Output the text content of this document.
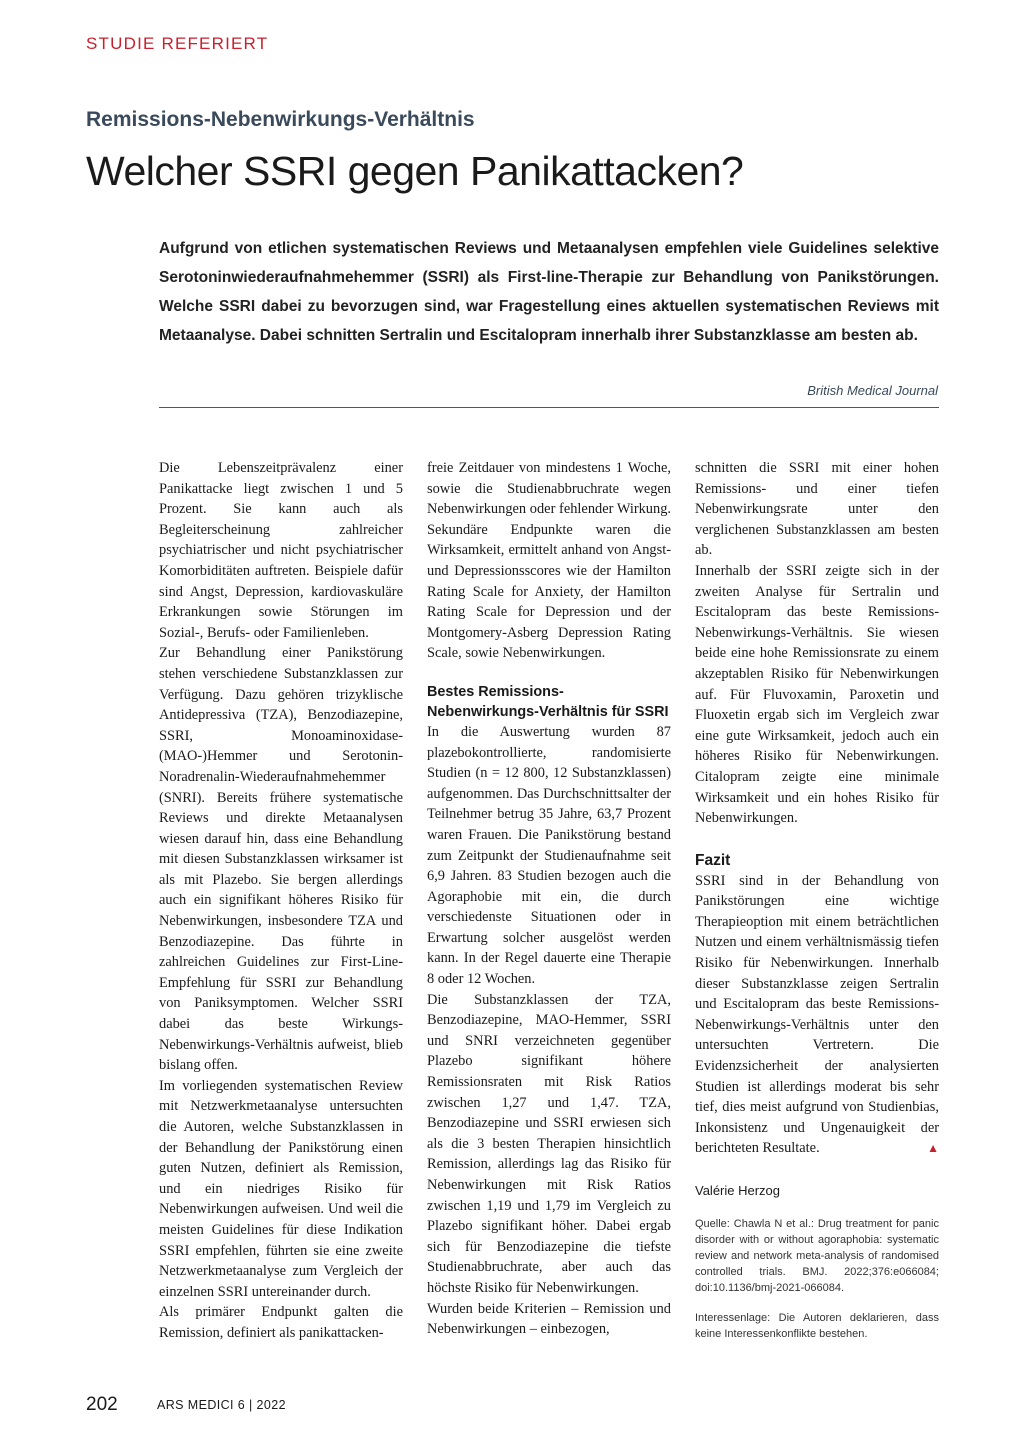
STUDIE REFERIERT
Remissions-Nebenwirkungs-Verhältnis
Welcher SSRI gegen Panikattacken?
Aufgrund von etlichen systematischen Reviews und Metaanalysen empfehlen viele Guidelines selektive Serotoninwiederaufnahmehemmer (SSRI) als First-line-Therapie zur Behandlung von Panikstörungen. Welche SSRI dabei zu bevorzugen sind, war Fragestellung eines aktuellen systematischen Reviews mit Metaanalyse. Dabei schnitten Sertralin und Escitalopram innerhalb ihrer Substanzklasse am besten ab.
British Medical Journal

Die Lebenszeitprävalenz einer Panikattacke liegt zwischen 1 und 5 Prozent. Sie kann auch als Begleiterscheinung zahlreicher psychiatrischer und nicht psychiatrischer Komorbiditäten auftreten. Beispiele dafür sind Angst, Depression, kardiovaskuläre Erkrankungen sowie Störungen im Sozial-, Berufs- oder Familienleben.

Zur Behandlung einer Panikstörung stehen verschiedene Substanzklassen zur Verfügung. Dazu gehören trizyklische Antidepressiva (TZA), Benzodiazepine, SSRI, Monoaminoxidase-(MAO-)Hemmer und Serotonin-Noradrenalin-Wiederaufnahmehemmer (SNRI). Bereits frühere systematische Reviews und direkte Metaanalysen wiesen darauf hin, dass eine Behandlung mit diesen Substanzklassen wirksamer ist als mit Plazebo. Sie bergen allerdings auch ein signifikant höheres Risiko für Nebenwirkungen, insbesondere TZA und Benzodiazepine. Das führte in zahlreichen Guidelines zur First-Line-Empfehlung für SSRI zur Behandlung von Paniksymptomen. Welcher SSRI dabei das beste Wirkungs-Nebenwirkungs-Verhältnis aufweist, blieb bislang offen.

Im vorliegenden systematischen Review mit Netzwerkmetaanalyse untersuchten die Autoren, welche Substanzklassen in der Behandlung der Panikstörung einen guten Nutzen, definiert als Remission, und ein niedriges Risiko für Nebenwirkungen aufweisen. Und weil die meisten Guidelines für diese Indikation SSRI empfehlen, führten sie eine zweite Netzwerkmetaanalyse zum Vergleich der einzelnen SSRI untereinander durch.

Als primärer Endpunkt galten die Remission, definiert als panikattacken-

freie Zeitdauer von mindestens 1 Woche, sowie die Studienabbruchrate wegen Nebenwirkungen oder fehlender Wirkung. Sekundäre Endpunkte waren die Wirksamkeit, ermittelt anhand von Angst- und Depressionsscores wie der Hamilton Rating Scale for Anxiety, der Hamilton Rating Scale for Depression und der Montgomery-Asberg Depression Rating Scale, sowie Nebenwirkungen.

Bestes Remissions-Nebenwirkungs-Verhältnis für SSRI

In die Auswertung wurden 87 plazebokontrollierte, randomisierte Studien (n = 12 800, 12 Substanzklassen) aufgenommen. Das Durchschnittsalter der Teilnehmer betrug 35 Jahre, 63,7 Prozent waren Frauen. Die Panikstörung bestand zum Zeitpunkt der Studienaufnahme seit 6,9 Jahren. 83 Studien bezogen auch die Agoraphobie mit ein, die durch verschiedenste Situationen oder in Erwartung solcher ausgelöst werden kann. In der Regel dauerte eine Therapie 8 oder 12 Wochen.

Die Substanzklassen der TZA, Benzodiazepine, MAO-Hemmer, SSRI und SNRI verzeichneten gegenüber Plazebo signifikant höhere Remissionsraten mit Risk Ratios zwischen 1,27 und 1,47. TZA, Benzodiazepine und SSRI erwiesen sich als die 3 besten Therapien hinsichtlich Remission, allerdings lag das Risiko für Nebenwirkungen mit Risk Ratios zwischen 1,19 und 1,79 im Vergleich zu Plazebo signifikant höher. Dabei ergab sich für Benzodiazepine die tiefste Studienabbruchrate, aber auch das höchste Risiko für Nebenwirkungen.

Wurden beide Kriterien – Remission und Nebenwirkungen – einbezogen,

schnitten die SSRI mit einer hohen Remissions- und einer tiefen Nebenwirkungsrate unter den verglichenen Substanzklassen am besten ab.

Innerhalb der SSRI zeigte sich in der zweiten Analyse für Sertralin und Escitalopram das beste Remissions-Nebenwirkungs-Verhältnis. Sie wiesen beide eine hohe Remissionsrate zu einem akzeptablen Risiko für Nebenwirkungen auf. Für Fluvoxamin, Paroxetin und Fluoxetin ergab sich im Vergleich zwar eine gute Wirksamkeit, jedoch auch ein höheres Risiko für Nebenwirkungen. Citalopram zeigte eine minimale Wirksamkeit und ein hohes Risiko für Nebenwirkungen.

Fazit

SSRI sind in der Behandlung von Panikstörungen eine wichtige Therapieoption mit einem beträchtlichen Nutzen und einem verhältnismässig tiefen Risiko für Nebenwirkungen. Innerhalb dieser Substanzklasse zeigen Sertralin und Escitalopram das beste Remissions-Nebenwirkungs-Verhältnis unter den untersuchten Vertretern. Die Evidenzsicherheit der analysierten Studien ist allerdings moderat bis sehr tief, dies meist aufgrund von Studienbias, Inkonsistenz und Ungenauigkeit der berichteten Resultate.	▲

Valérie Herzog
Quelle: Chawla N et al.: Drug treatment for panic disorder with or without agoraphobia: systematic review and network meta-analysis of randomised controlled trials. BMJ. 2022;376:e066084; doi:10.1136/bmj-2021-066084.
Interessenlage: Die Autoren deklarieren, dass keine Interessenkonflikte bestehen.
202	ARS MEDICI 6 | 2022
